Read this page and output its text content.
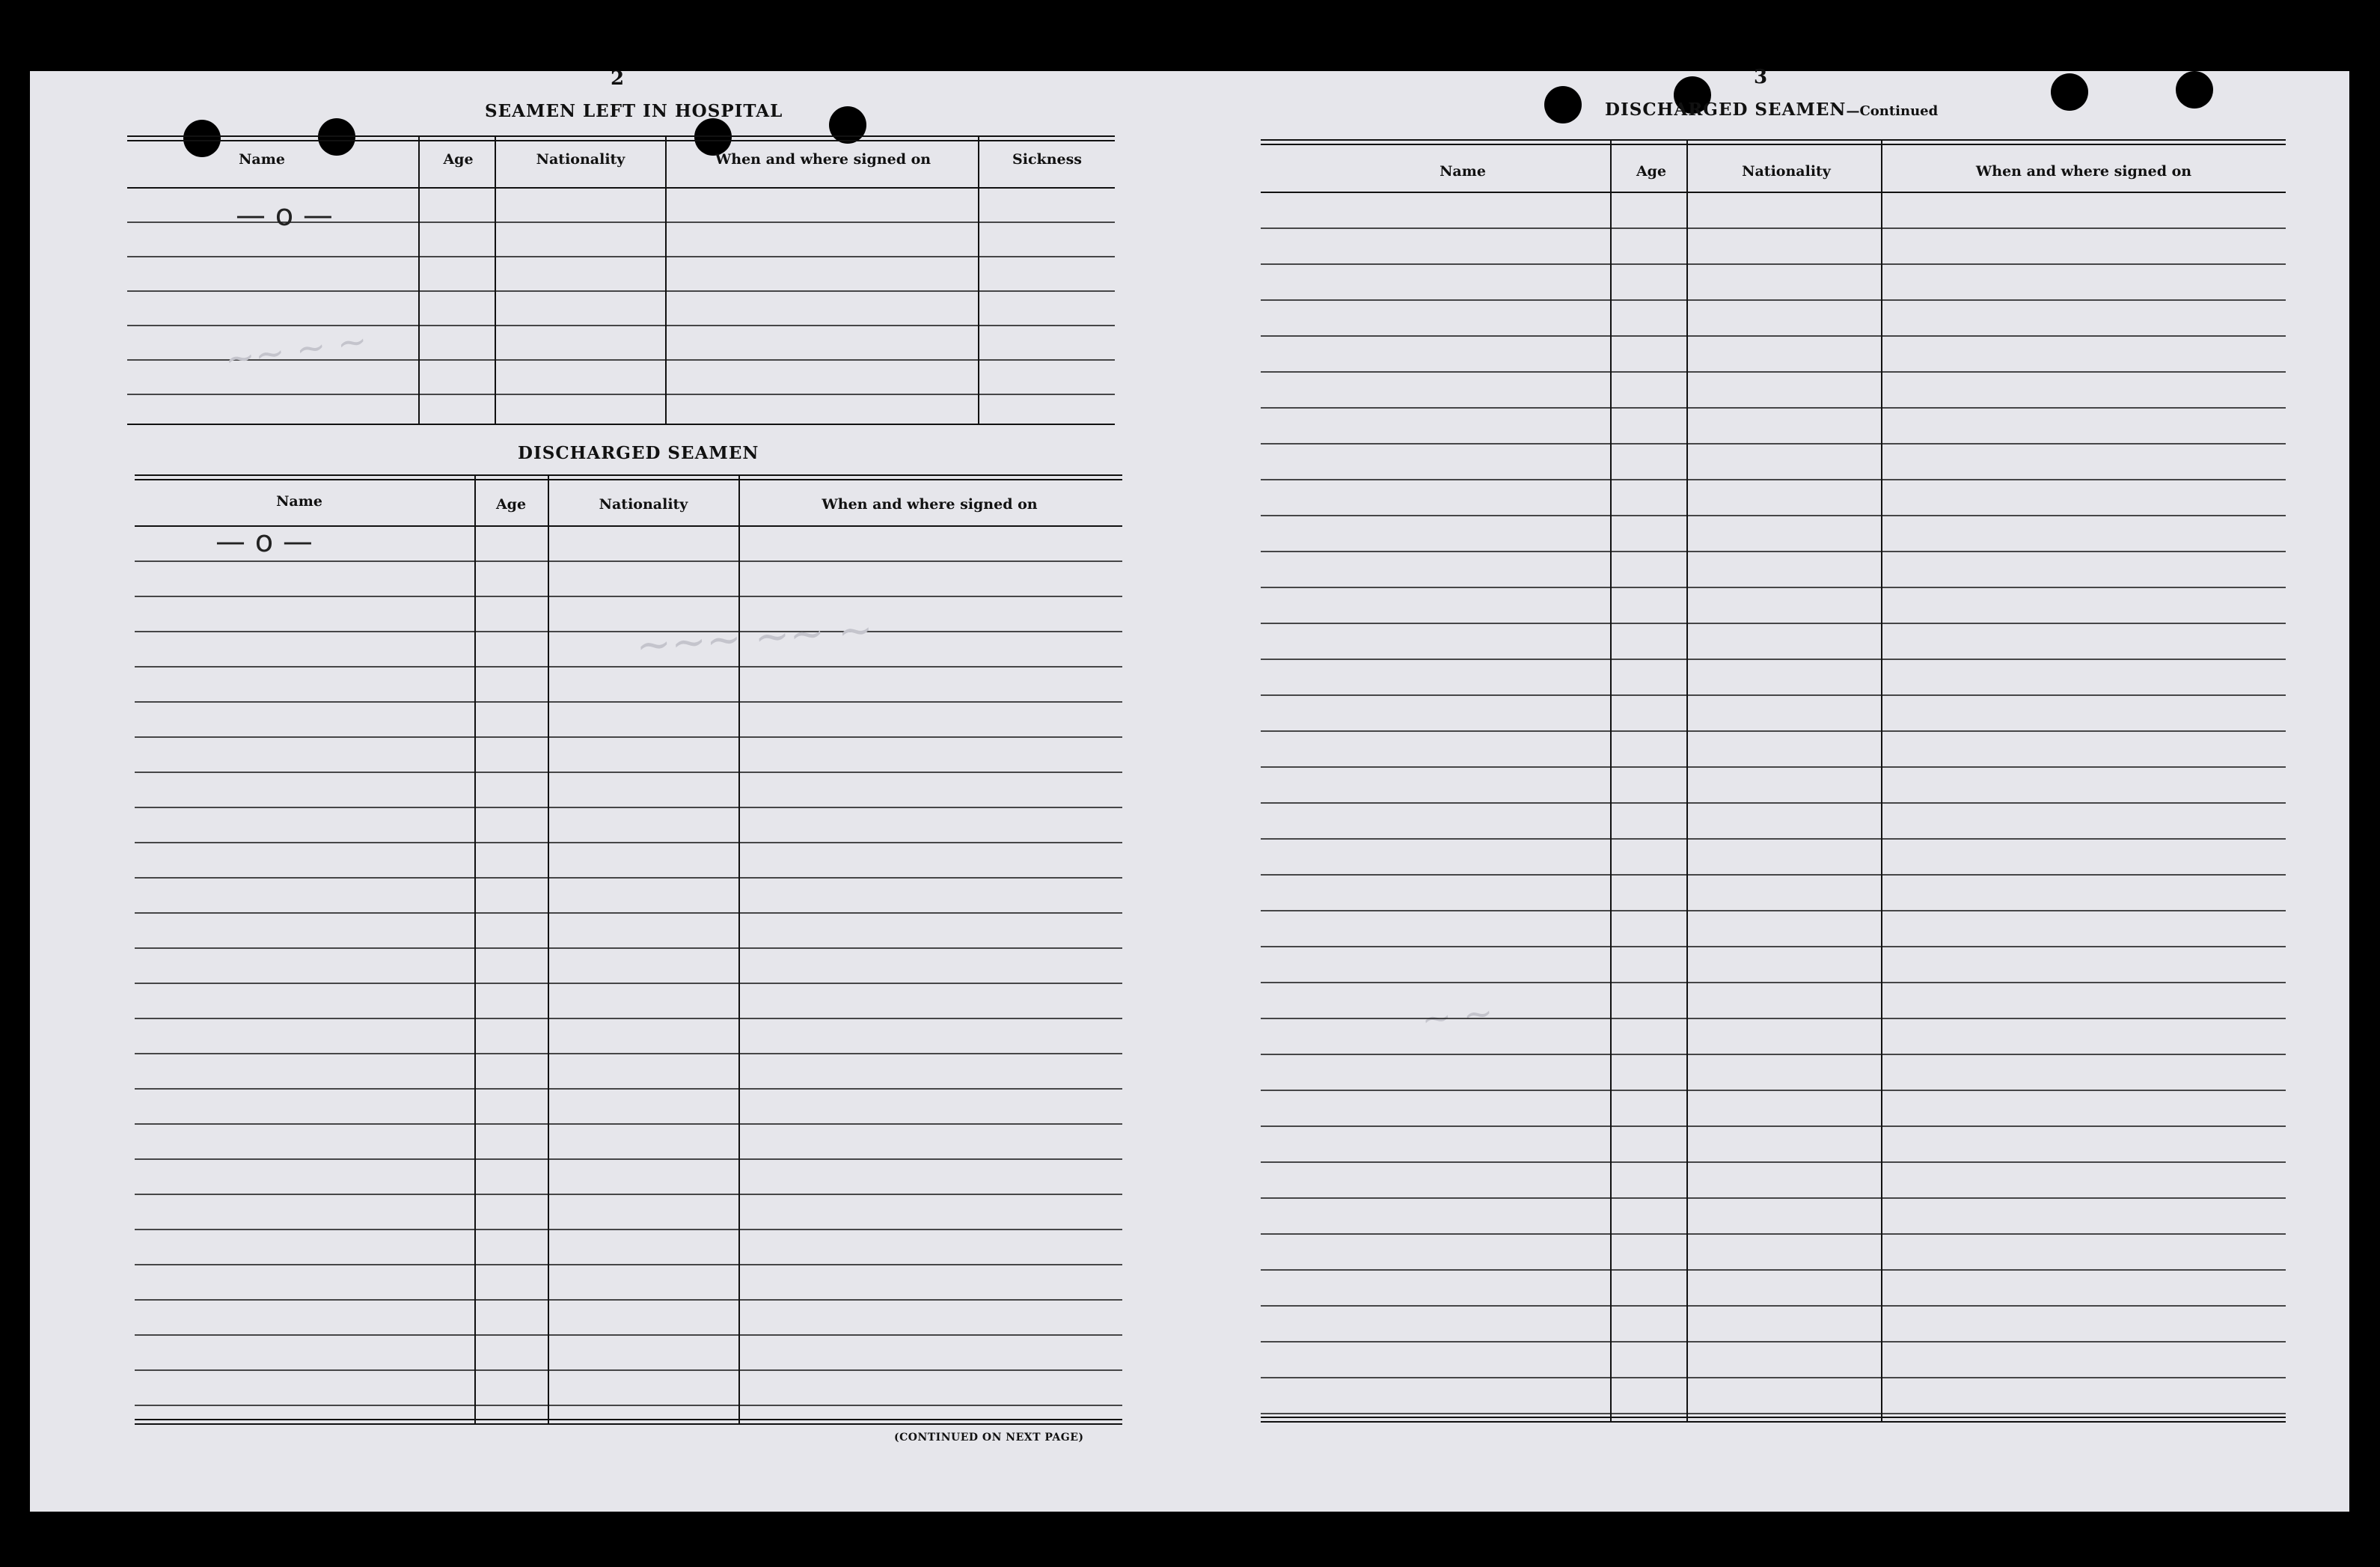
2
SEAMEN LEFT IN HOSPITAL
Name	Age	Nationality	When and where signed on	Sickness
— o —
DISCHARGED SEAMEN
Name	Age	Nationality	When and where signed on
— o —
(CONTINUED ON NEXT PAGE)
~~ ~ ~
~~~ ~~ ~
~ ~
3
DISCHARGED SEAMEN—Continued
Name	Age	Nationality	When and where signed on
